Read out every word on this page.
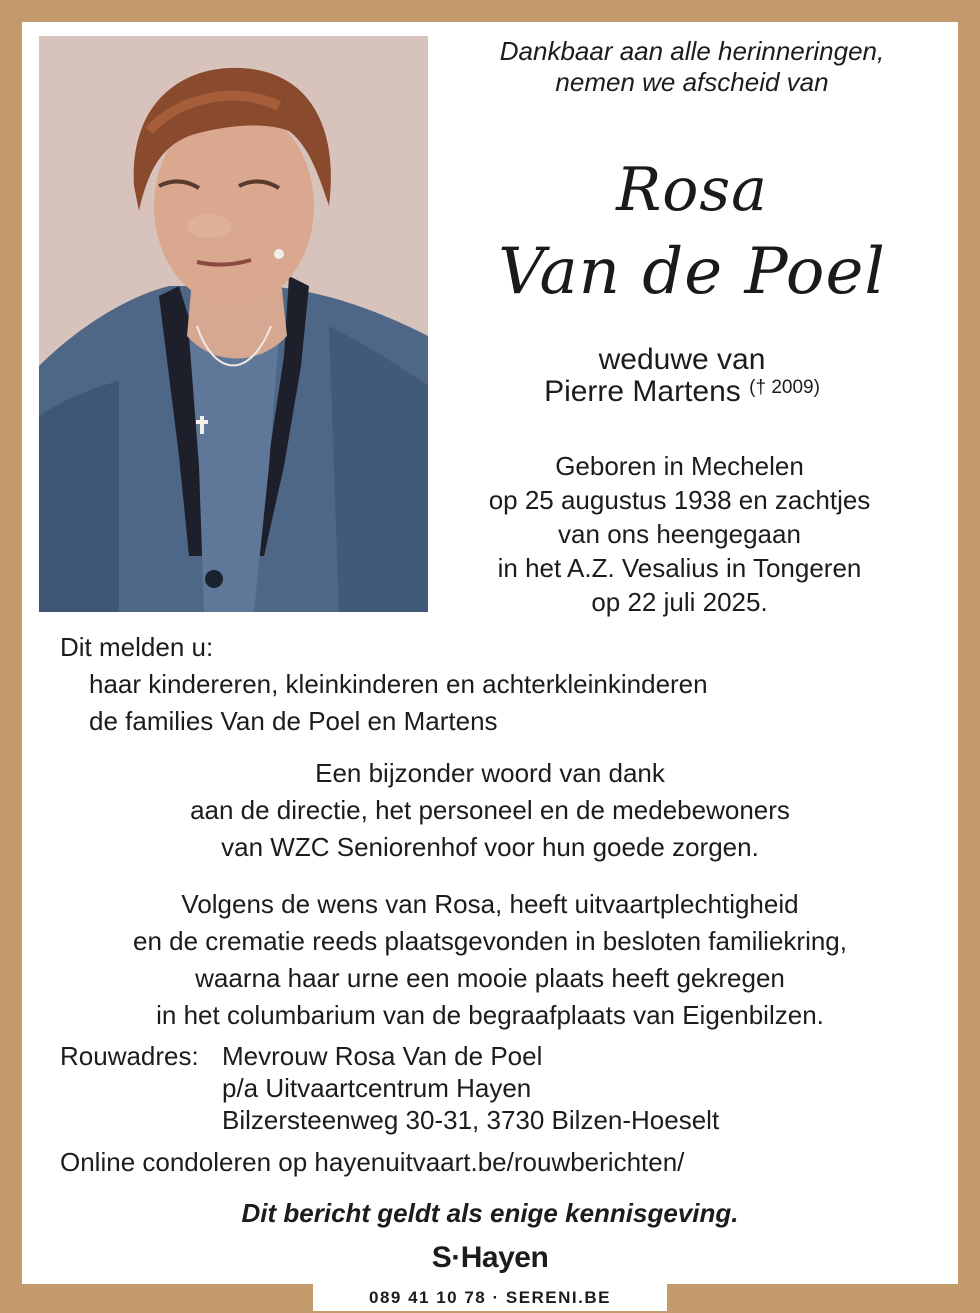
Dankbaar aan alle herinneringen,
nemen we afscheid van
Rosa
Van de Poel
weduwe van
Pierre Martens $^{(\dagger 2009)}$
Geboren in Mechelen
op 25 augustus 1938 en zachtjes
van ons heengegaan
in het A.Z. Vesalius in Tongeren
op 22 juli 2025.
Dit melden u:
haar kindereren, kleinkinderen en achterkleinkinderen
de families Van de Poel en Martens
Een bijzonder woord van dank
aan de directie, het personeel en de medebewoners
van WZC Seniorenhof voor hun goede zorgen.
Volgens de wens van Rosa, heeft uitvaartplechtigheid
en de crematie reeds plaatsgevonden in besloten familiekring,
waarna haar urne een mooie plaats heeft gekregen
in het columbarium van de begraafplaats van Eigenbilzen.
Rouwadres: Mevrouw Rosa Van de Poel
p/a Uitvaartcentrum Hayen
Bilzersteenweg 30-31, 3730 Bilzen-Hoeselt
Online condoleren op hayenuitvaart.be/rouwberichten/
Dit bericht geldt als enige kennisgeving.
S·Hayen
089 41 10 78 · SERENI.BE
